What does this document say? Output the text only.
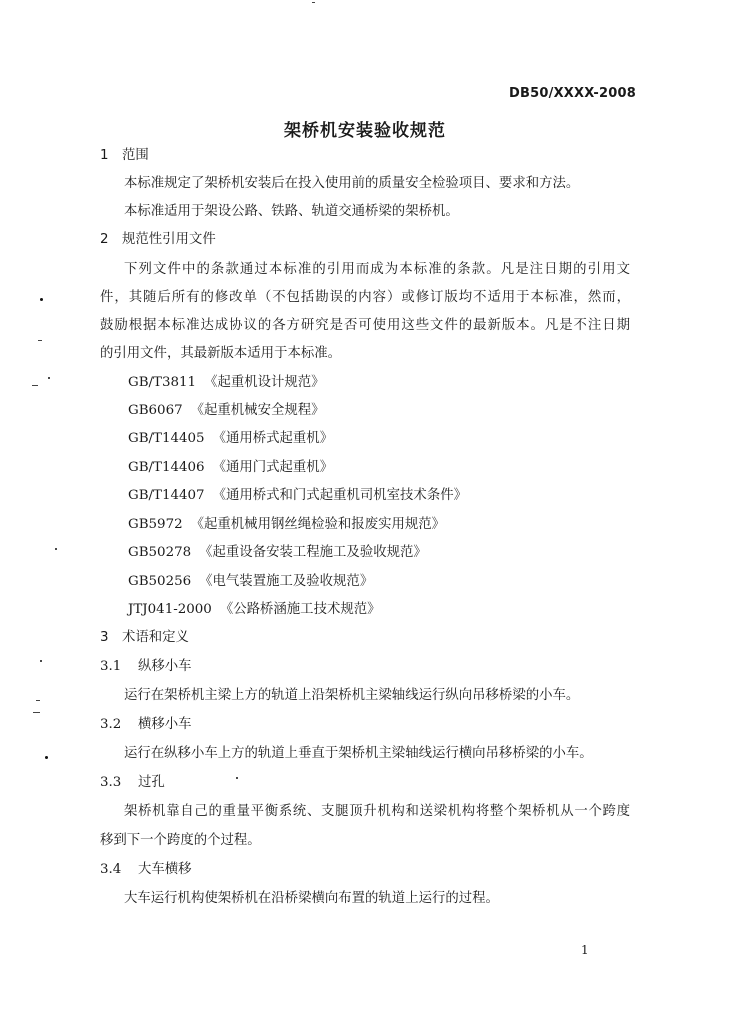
DB50/XXXX-2008
架桥机安装验收规范
1 范围
本标准规定了架桥机安装后在投入使用前的质量安全检验项目、要求和方法。
本标准适用于架设公路、铁路、轨道交通桥梁的架桥机。
2 规范性引用文件
下列文件中的条款通过本标准的引用而成为本标准的条款。凡是注日期的引用文
件，其随后所有的修改单（不包括勘误的内容）或修订版均不适用于本标准，然而，
鼓励根据本标准达成协议的各方研究是否可使用这些文件的最新版本。凡是不注日期
的引用文件，其最新版本适用于本标准。
GB/T3811 《起重机设计规范》
GB6067 《起重机械安全规程》
GB/T14405 《通用桥式起重机》
GB/T14406 《通用门式起重机》
GB/T14407 《通用桥式和门式起重机司机室技术条件》
GB5972 《起重机械用钢丝绳检验和报废实用规范》
GB50278 《起重设备安装工程施工及验收规范》
GB50256 《电气装置施工及验收规范》
JTJ041-2000 《公路桥涵施工技术规范》
3 术语和定义
3.1 纵移小车
运行在架桥机主梁上方的轨道上沿架桥机主梁轴线运行纵向吊移桥梁的小车。
3.2 横移小车
运行在纵移小车上方的轨道上垂直于架桥机主梁轴线运行横向吊移桥梁的小车。
3.3 过孔
架桥机靠自己的重量平衡系统、支腿顶升机构和送梁机构将整个架桥机从一个跨度
移到下一个跨度的个过程。
3.4 大车横移
大车运行机构使架桥机在沿桥梁横向布置的轨道上运行的过程。
1
